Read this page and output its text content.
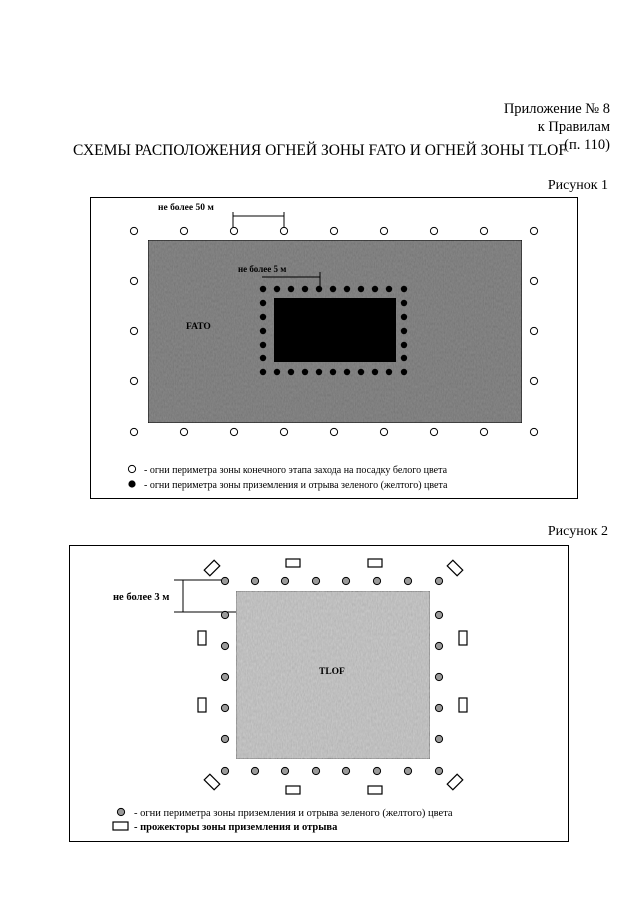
Приложение № 8
к Правилам
(п. 110)
СХЕМЫ РАСПОЛОЖЕНИЯ ОГНЕЙ ЗОНЫ FATO И ОГНЕЙ ЗОНЫ TLOF
Рисунок 1
FATO
не более 50 м
не более 5 м
- огни периметра зоны конечного этапа захода на посадку белого цвета
- огни периметра зоны приземления и отрыва зеленого (желтого) цвета
Рисунок 2
TLOF
не более 3 м
- огни периметра зоны приземления и отрыва зеленого (желтого) цвета
- прожекторы зоны приземления и отрыва
